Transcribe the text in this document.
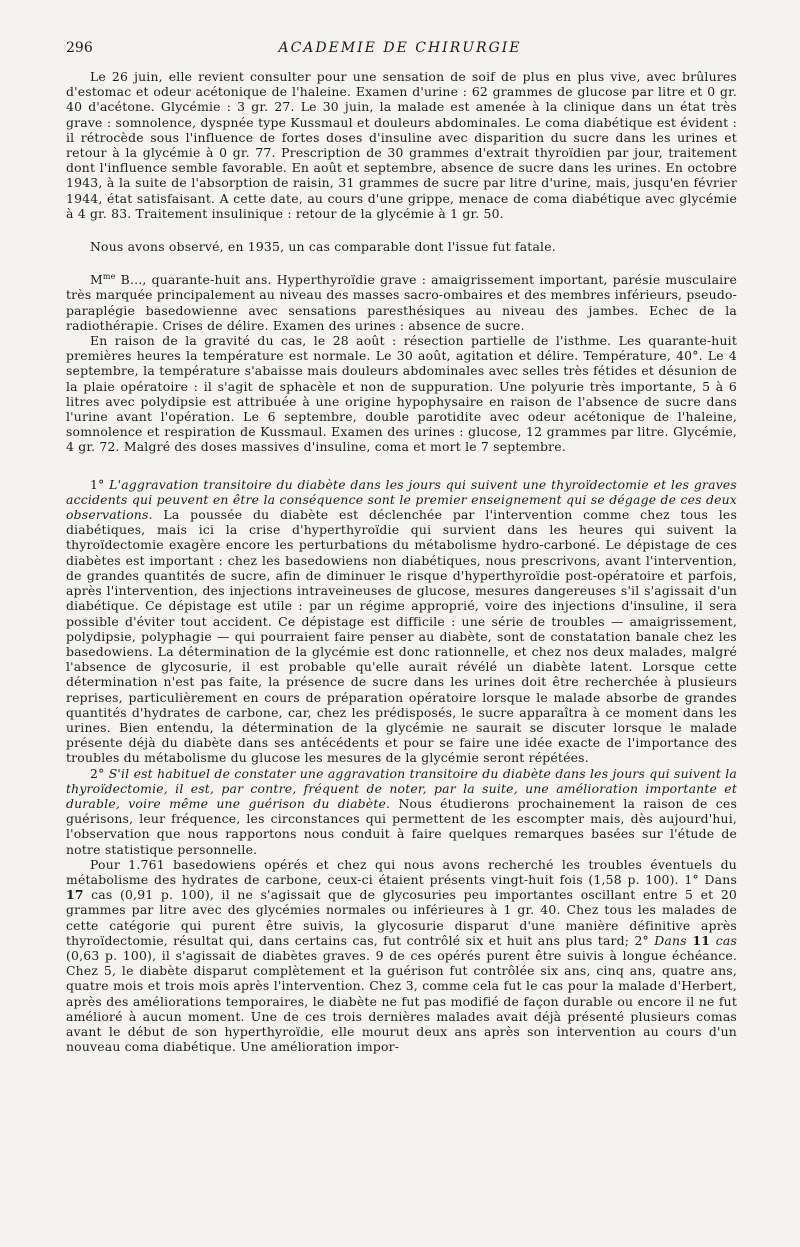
296	ACADEMIE DE CHIRURGIE

Le 26 juin, elle revient consulter pour une sensation de soif de plus en plus vive, avec brûlures d'estomac et odeur acétonique de l'haleine. Examen d'urine : 62 grammes de glucose par litre et 0 gr. 40 d'acétone. Glycémie : 3 gr. 27. Le 30 juin, la malade est amenée à la clinique dans un état très grave : somnolence, dyspnée type Kussmaul et douleurs abdominales. Le coma diabétique est évident : il rétrocède sous l'influence de fortes doses d'insuline avec disparition du sucre dans les urines et retour à la glycémie à 0 gr. 77. Prescription de 30 grammes d'extrait thyroïdien par jour, traitement dont l'influence semble favorable. En août et septembre, absence de sucre dans les urines. En octobre 1943, à la suite de l'absorption de raisin, 31 grammes de sucre par litre d'urine, mais, jusqu'en février 1944, état satisfaisant. A cette date, au cours d'une grippe, menace de coma diabétique avec glycémie à 4 gr. 83. Traitement insulinique : retour de la glycémie à 1 gr. 50.

Nous avons observé, en 1935, un cas comparable dont l'issue fut fatale.

$M^{me}$ B..., quarante-huit ans. Hyperthyroïdie grave : amaigrissement important, parésie musculaire très marquée principalement au niveau des masses sacro-ombaires et des membres inférieurs, pseudo-paraplégie basedowienne avec sensations paresthésiques au niveau des jambes. Echec de la radiothérapie. Crises de délire. Examen des urines : absence de sucre.

En raison de la gravité du cas, le 28 août : résection partielle de l'isthme. Les quarante-huit premières heures la température est normale. Le 30 août, agitation et délire. Température, 40°. Le 4 septembre, la température s'abaisse mais douleurs abdominales avec selles très fétides et désunion de la plaie opératoire : il s'agit de sphacèle et non de suppuration. Une polyurie très importante, 5 à 6 litres avec polydipsie est attribuée à une origine hypophysaire en raison de l'absence de sucre dans l'urine avant l'opération. Le 6 septembre, double parotidite avec odeur acétonique de l'haleine, somnolence et respiration de Kussmaul. Examen des urines : glucose, 12 grammes par litre. Glycémie, 4 gr. 72. Malgré des doses massives d'insuline, coma et mort le 7 septembre.

1° L'aggravation transitoire du diabète dans les jours qui suivent une thyroïdectomie et les graves accidents qui peuvent en être la conséquence sont le premier enseignement qui se dégage de ces deux observations. La poussée du diabète est déclenchée par l'intervention comme chez tous les diabétiques, mais ici la crise d'hyperthyroïdie qui survient dans les heures qui suivent la thyroïdectomie exagère encore les perturbations du métabolisme hydro-carboné. Le dépistage de ces diabètes est important : chez les basedowiens non diabétiques, nous prescrivons, avant l'intervention, de grandes quantités de sucre, afin de diminuer le risque d'hyperthyroïdie post-opératoire et parfois, après l'intervention, des injections intraveineuses de glucose, mesures dangereuses s'il s'agissait d'un diabétique. Ce dépistage est utile : par un régime approprié, voire des injections d'insuline, il sera possible d'éviter tout accident. Ce dépistage est difficile : une série de troubles — amaigrissement, polydipsie, polyphagie — qui pourraient faire penser au diabète, sont de constatation banale chez les basedowiens. La détermination de la glycémie est donc rationnelle, et chez nos deux malades, malgré l'absence de glycosurie, il est probable qu'elle aurait révélé un diabète latent. Lorsque cette détermination n'est pas faite, la présence de sucre dans les urines doit être recherchée à plusieurs reprises, particulièrement en cours de préparation opératoire lorsque le malade absorbe de grandes quantités d'hydrates de carbone, car, chez les prédisposés, le sucre apparaîtra à ce moment dans les urines. Bien entendu, la détermination de la glycémie ne saurait se discuter lorsque le malade présente déjà du diabète dans ses antécédents et pour se faire une idée exacte de l'importance des troubles du métabolisme du glucose les mesures de la glycémie seront répétées.

2° S'il est habituel de constater une aggravation transitoire du diabète dans les jours qui suivent la thyroïdectomie, il est, par contre, fréquent de noter, par la suite, une amélioration importante et durable, voire même une guérison du diabète. Nous étudierons prochainement la raison de ces guérisons, leur fréquence, les circonstances qui permettent de les escompter mais, dès aujourd'hui, l'observation que nous rapportons nous conduit à faire quelques remarques basées sur l'étude de notre statistique personnelle.

Pour 1.761 basedowiens opérés et chez qui nous avons recherché les troubles éventuels du métabolisme des hydrates de carbone, ceux-ci étaient présents vingt-huit fois (1,58 p. 100). 1° Dans 17 cas (0,91 p. 100), il ne s'agissait que de glycosuries peu importantes oscillant entre 5 et 20 grammes par litre avec des glycémies normales ou inférieures à 1 gr. 40. Chez tous les malades de cette catégorie qui purent être suivis, la glycosurie disparut d'une manière définitive après thyroïdectomie, résultat qui, dans certains cas, fut contrôlé six et huit ans plus tard; 2° Dans 11 cas (0,63 p. 100), il s'agissait de diabètes graves. 9 de ces opérés purent être suivis à longue échéance. Chez 5, le diabète disparut complètement et la guérison fut contrôlée six ans, cinq ans, quatre ans, quatre mois et trois mois après l'intervention. Chez 3, comme cela fut le cas pour la malade d'Herbert, après des améliorations temporaires, le diabète ne fut pas modifié de façon durable ou encore il ne fut amélioré à aucun moment. Une de ces trois dernières malades avait déjà présenté plusieurs comas avant le début de son hyperthyroïdie, elle mourut deux ans après son intervention au cours d'un nouveau coma diabétique. Une amélioration impor-
